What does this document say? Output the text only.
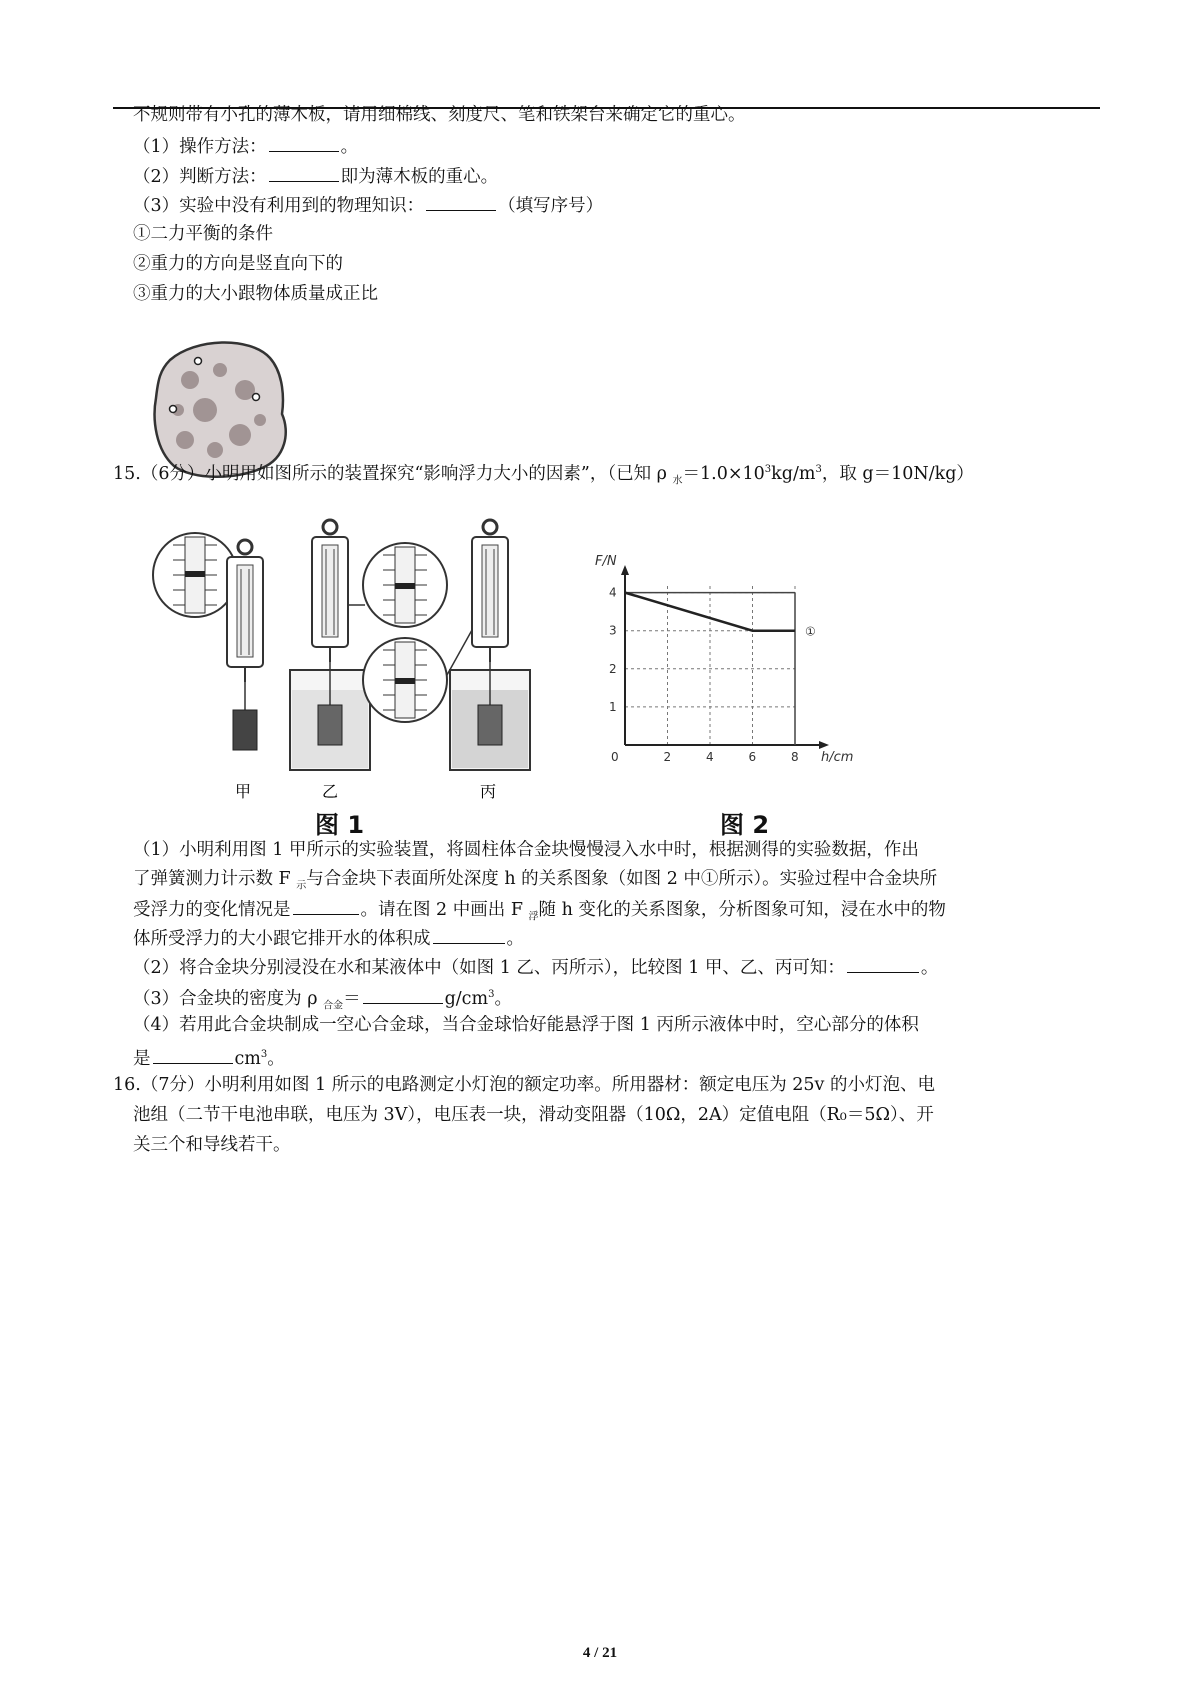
不规则带有小孔的薄木板，请用细棉线、刻度尺、笔和铁架台来确定它的重心。
（1）操作方法：	。
（2）判断方法：	即为薄木板的重心。
（3）实验中没有利用到的物理知识：	（填写序号）
①二力平衡的条件
②重力的方向是竖直向下的
③重力的大小跟物体质量成正比
15.（6分）小明用如图所示的装置探究“影响浮力大小的因素”，（已知 ρ $_水=1.0\times 10^3kg/m^3$，取 g＝10N/kg）
甲	乙	丙
图 1
0	2	4	6	8
1
2
3
4
F/N
h/cm
①
图 2
（1）小明利用图 1 甲所示的实验装置，将圆柱体合金块慢慢浸入水中时，根据测得的实验数据，作出
了弹簧测力计示数 F $_示$与合金块下表面所处深度 h 的关系图象（如图 2 中①所示）。实验过程中合金块所
受浮力的变化情况是	。请在图 2 中画出 F $_浮$随 h 变化的关系图象，分析图象可知，浸在水中的物
体所受浮力的大小跟它排开水的体积成	。
（2）将合金块分别浸没在水和某液体中（如图 1 乙、丙所示），比较图 1 甲、乙、丙可知：	。
（3）合金块的密度为 ρ $_{合金}$＝	$g/cm^3$。
（4）若用此合金块制成一空心合金球，当合金球恰好能悬浮于图 1 丙所示液体中时，空心部分的体积
是	$cm^3$。
16.（7分）小明利用如图 1 所示的电路测定小灯泡的额定功率。所用器材：额定电压为 25v 的小灯泡、电
池组（二节干电池串联，电压为 3V），电压表一块，滑动变阻器（10Ω，2A）定值电阻（R₀＝5Ω）、开
关三个和导线若干。
4 / 21
